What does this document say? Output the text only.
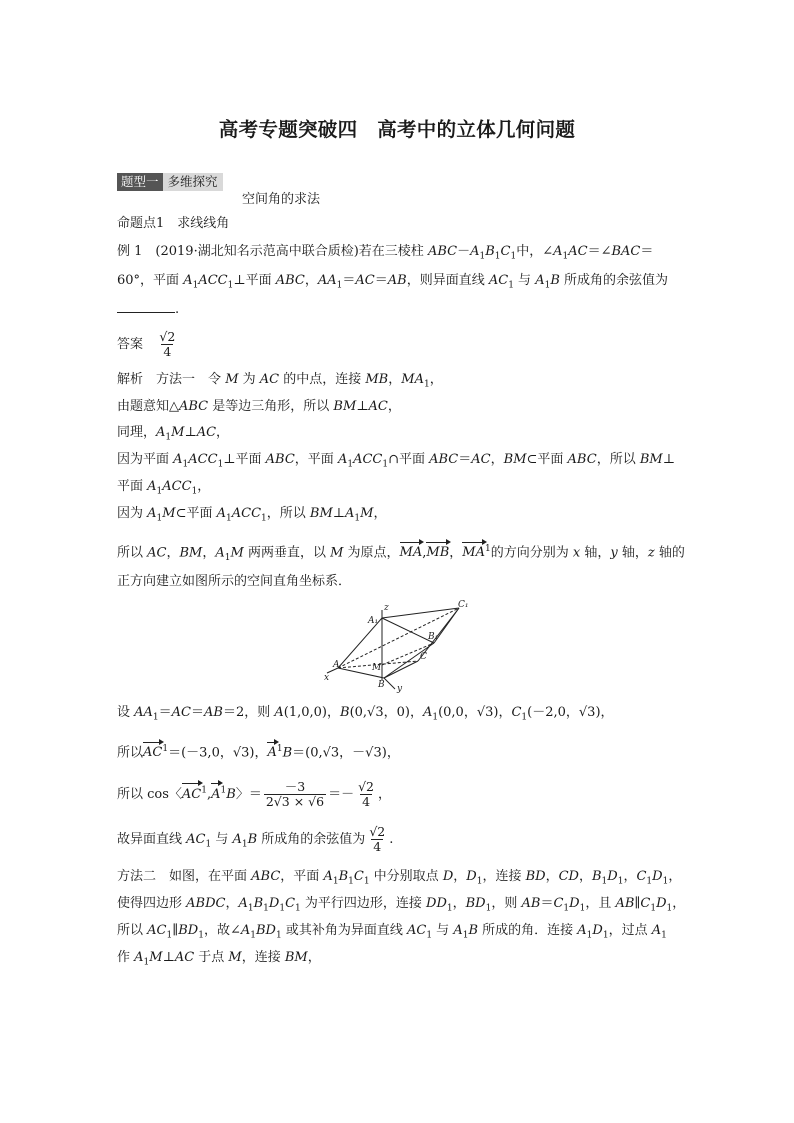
高考专题突破四　高考中的立体几何问题
题型一 多维探究
空间角的求法
命题点1　求线线角
例 1　 (2019·湖北知名示范高中联合质检)若在三棱柱 $ABC-A_1B_1C_1$中，$\angle A_1AC=\angle BAC=$
60°，平面 $A_1ACC_1\perp$平面 ABC，$AA_1=AC=AB$，则异面直线 $AC_1$ 与 $A_1B$ 所成角的余弦值为
.
答案 $\frac{√2}{4}$
解析　 方法一　令 M 为 AC 的中点，连接 MB，$MA_1$，
由题意知△ABC 是等边三角形，所以 BM⊥AC，
同理，$A_1M\perp AC$，
因为平面 $A_1ACC_1\perp$平面 ABC，平面 $A_1ACC_1\cap$平面 ABC＝AC，BM⊂平面 ABC，所以 BM⊥
平面 $A_1ACC_1$，
因为 $A_1M\subset$平面 $A_1ACC_1$，所以 $BM\perp A_1M$，
所以 AC，BM，$A_1M$ 两两垂直，以 M 为原点，MA,MB，$MA^1$的方向分别为 x 轴，y 轴，z 轴的
正方向建立如图所示的空间直角坐标系．
z	C₁
A₁
B₁
C
A	M
B
x
y
设 $AA_1=AC=AB=2$，则 A(1,0,0)，B(0,√3，0)，$A_1(0,0$，√3)，$C_1(-2,0$，√3)，
所以$AC^1=(-3,0$，√3)，$A^1B=(0,√3$，－√3)，
所以 cos〈$AC^1,A^1B$〉＝ $\frac{-3}{2√3 \times √6} =- \frac{√2}{4}$ ，
故异面直线 $AC_1$ 与 $A_1B$ 所成角的余弦值为 $\frac{√2}{4}$ .
方法二　如图，在平面 ABC，平面 $A_1B_1C_1$ 中分别取点 D，$D_1$，连接 BD，CD，$B_1D_1$，$C_1D_1$，
使得四边形 ABDC，$A_1B_1D_1C_1$ 为平行四边形，连接 $DD_1$，$BD_1$，则 $AB=C_1D_1$，且 $AB\parallel C_1D_1$，
所以 $AC_1\parallel BD_1$，故$\angle A_1BD_1$ 或其补角为异面直线 $AC_1$ 与 $A_1B$ 所成的角．连接 $A_1D_1$，过点 $A_1$
作 $A_1M\perp AC$ 于点 M，连接 BM，
